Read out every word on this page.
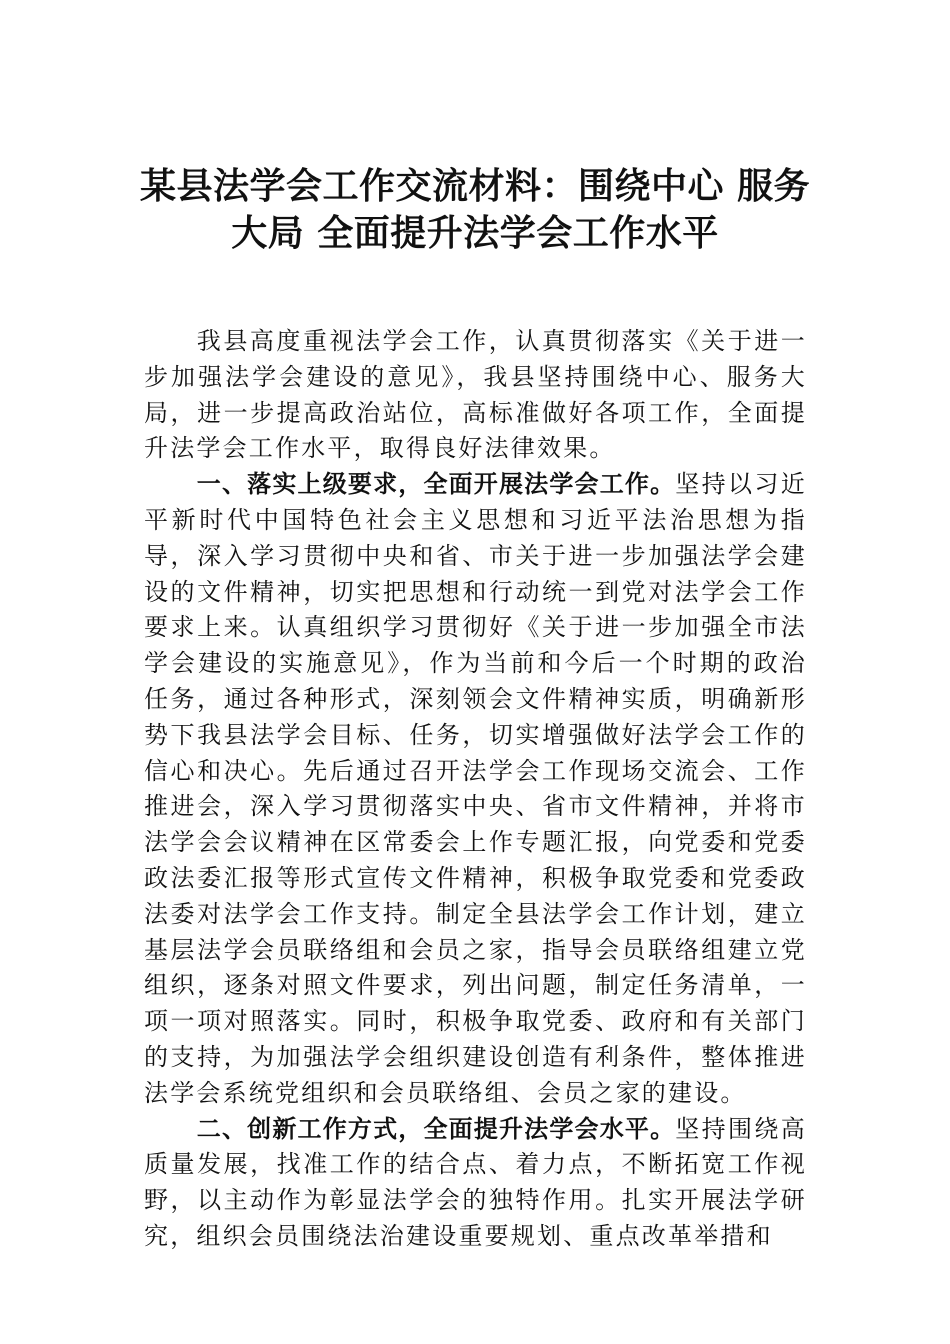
某县法学会工作交流材料：围绕中心 服务
大局 全面提升法学会工作水平

我县高度重视法学会工作，认真贯彻落实《关于进一步加强法学会建设的意见》，我县坚持围绕中心、服务大局，进一步提高政治站位，高标准做好各项工作，全面提升法学会工作水平，取得良好法律效果。

一、落实上级要求，全面开展法学会工作。坚持以习近平新时代中国特色社会主义思想和习近平法治思想为指导，深入学习贯彻中央和省、市关于进一步加强法学会建设的文件精神，切实把思想和行动统一到党对法学会工作要求上来。认真组织学习贯彻好《关于进一步加强全市法学会建设的实施意见》，作为当前和今后一个时期的政治任务，通过各种形式，深刻领会文件精神实质，明确新形势下我县法学会目标、任务，切实增强做好法学会工作的信心和决心。先后通过召开法学会工作现场交流会、工作推进会，深入学习贯彻落实中央、省市文件精神，并将市法学会会议精神在区常委会上作专题汇报，向党委和党委政法委汇报等形式宣传文件精神，积极争取党委和党委政法委对法学会工作支持。制定全县法学会工作计划，建立基层法学会员联络组和会员之家，指导会员联络组建立党组织，逐条对照文件要求，列出问题，制定任务清单，一项一项对照落实。同时，积极争取党委、政府和有关部门的支持，为加强法学会组织建设创造有利条件，整体推进法学会系统党组织和会员联络组、会员之家的建设。

二、创新工作方式，全面提升法学会水平。坚持围绕高质量发展，找准工作的结合点、着力点，不断拓宽工作视野，以主动作为彰显法学会的独特作用。扎实开展法学研究，组织会员围绕法治建设重要规划、重点改革举措和
